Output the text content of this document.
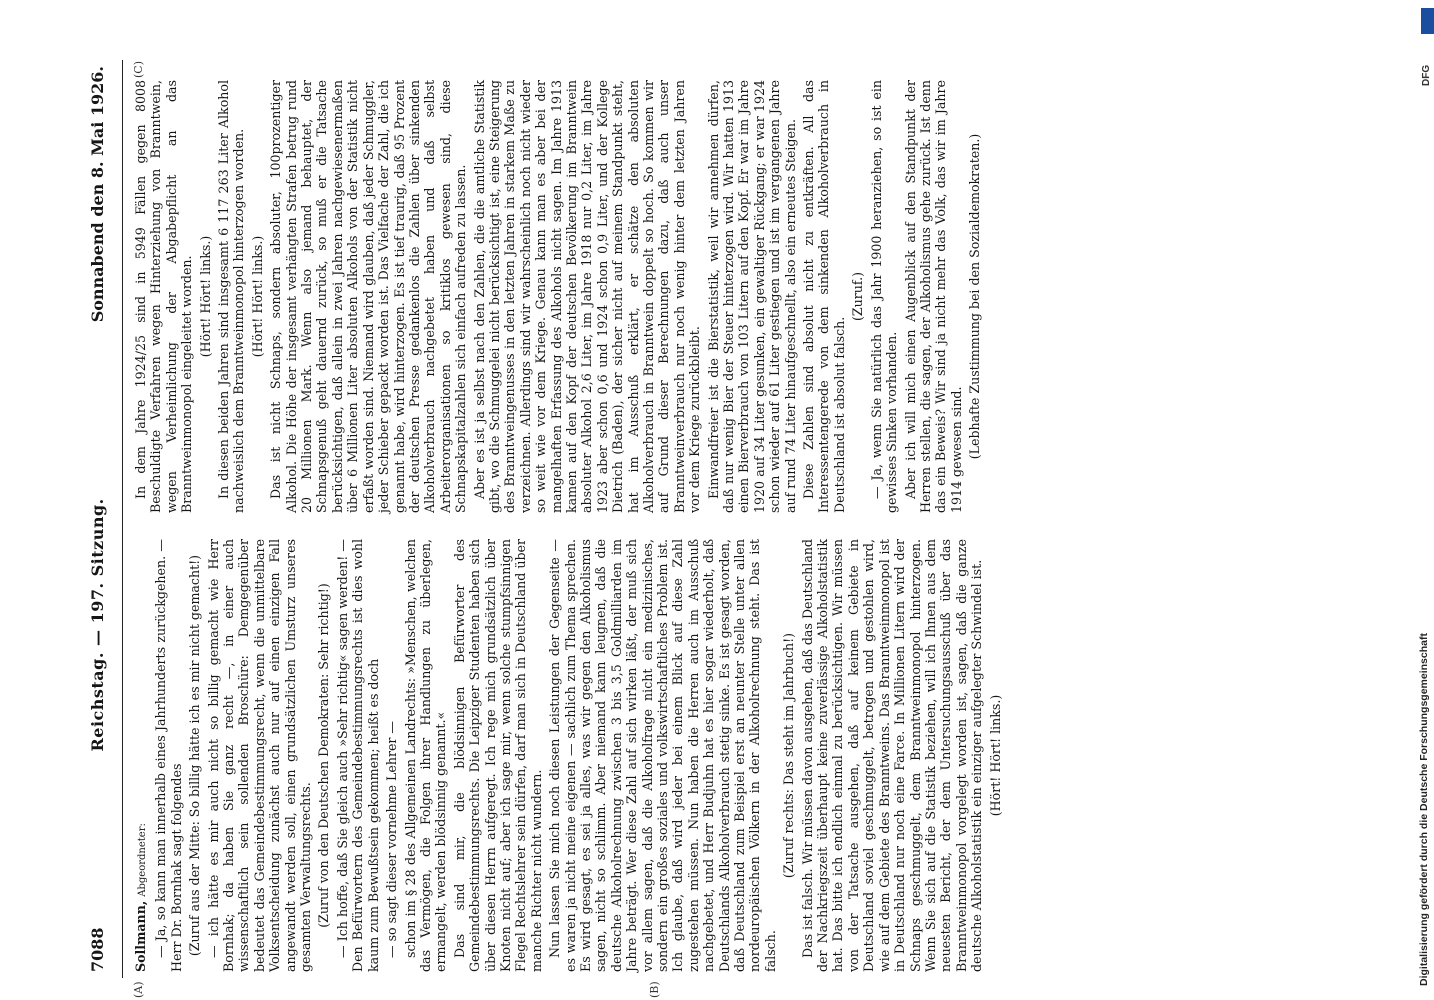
7088
Reichstag. — 197. Sitzung.
Sonnabend den 8. Mai 1926.

Sollmann, Abgeordneter: — Ja, so kann man innerhalb eines Jahrhunderts zurückgehen. — Herr Dr. Bornhak sagt folgendes (Zuruf aus der Mitte: So billig hätte ich es mir nicht gemacht!) — ich hätte es mir auch nicht so billig gemacht wie Herr Bornhak; da haben Sie ganz recht —, in einer auch wissenschaftlich sein sollenden Broschüre: Demgegenüber bedeutet das Gemeindebestimmungsrecht, wenn die unmittelbare Volksentscheidung zunächst auch nur auf einen einzigen Fall angewandt werden soll, einen grundsätzlichen Umsturz unseres gesamten Verwaltungsrechts. (Zuruf von den Deutschen Demokraten: Sehr richtig!) — Ich hoffe, daß Sie gleich auch »Sehr richtig« sagen werden! — Den Befürwortern des Gemeindebestimmungsrechts ist dies wohl kaum zum Bewußtsein gekommen; heißt es doch — so sagt dieser vornehme Lehrer — schon im § 28 des Allgemeinen Landrechts: »Menschen, welchen das Vermögen, die Folgen ihrer Handlungen zu überlegen, ermangelt, werden blödsinnig genannt.« Das sind mir, die blödsinnigen Befürworter des Gemeindebestimmungsrechts. Die Leipziger Studenten haben sich über diesen Herrn aufgeregt. Ich rege mich grundsätzlich über Knoten nicht auf; aber ich sage mir, wenn solche stumpfsinnigen Flegel Rechtslehrer sein dürfen, darf man sich in Deutschland über manche Richter nicht wundern. Nun lassen Sie mich noch diesen Leistungen der Gegenseite — es waren ja nicht meine eigenen — sachlich zum Thema sprechen. Es wird gesagt, es sei ja alles, was wir gegen den Alkoholismus sagen, nicht so schlimm. Aber niemand kann leugnen, daß die deutsche Alkoholrechnung zwischen 3 bis 3,5 Goldmilliarden im Jahre beträgt. Wer diese Zahl auf sich wirken läßt, der muß sich vor allem sagen, daß die Alkoholfrage nicht ein medizinisches, sondern ein großes soziales und volkswirtschaftliches Problem ist. Ich glaube, daß wird jeder bei einem Blick auf diese Zahl zugestehen müssen. Nun haben die Herren auch im Ausschuß nachgebetet, und Herr Budjuhn hat es hier sogar wiederholt, daß Deutschlands Alkoholverbrauch stetig sinke. Es ist gesagt worden, daß Deutschland zum Beispiel erst an neunter Stelle unter allen nordeuropäischen Völkern in der Alkoholrechnung steht. Das ist falsch.

(Zuruf rechts: Das steht im Jahrbuch!) Das ist falsch. Wir müssen davon ausgehen, daß das Deutschland der Nachkriegszeit überhaupt keine zuverlässige Alkoholstatistik hat. Das bitte ich endlich einmal zu berücksichtigen. Wir müssen von der Tatsache ausgehen, daß auf keinem Gebiete in Deutschland soviel geschmuggelt, betrogen und gestohlen wird, wie auf dem Gebiete des Branntweins. Das Branntweinmonopol ist in Deutschland nur noch eine Farce. In Millionen Litern wird der Schnaps geschmuggelt, dem Branntweinmonopol hinterzogen. Wenn Sie sich auf die Statistik beziehen, will ich Ihnen aus dem neuesten Bericht, der dem Untersuchungsausschuß über das Branntweinmonopol vorgelegt worden ist, sagen, daß die ganze deutsche Alkoholstatistik ein einziger aufgelegter Schwindel ist. (Hört! Hört! links.)

In dem Jahre 1924/25 sind in 5949 Fällen gegen 8008 Beschuldigte Verfahren wegen Hinterziehung von Branntwein, wegen Verheimlichung der Abgabepflicht an das Branntweinmonopol eingeleitet worden. (Hört! Hört! links.) In diesen beiden Jahren sind insgesamt 6 117 263 Liter Alkohol nachweislich dem Branntweinmonopol hinterzogen worden. (Hört! Hört! links.) Das ist nicht Schnaps, sondern absoluter, 100prozentiger Alkohol. Die Höhe der insgesamt verhängten Strafen betrug rund 20 Millionen Mark. Wenn also jemand behauptet, der Schnapsgenuß geht dauernd zurück, so muß er die Tatsache berücksichtigen, daß allein in zwei Jahren nachgewiesenermaßen über 6 Millionen Liter absoluten Alkohols von der Statistik nicht erfaßt worden sind. Niemand wird glauben, daß jeder Schmuggler, jeder Schieber gepackt worden ist. Das Vielfache der Zahl, die ich genannt habe, wird hinterzogen. Es ist tief traurig, daß 95 Prozent der deutschen Presse gedankenlos die Zahlen über sinkenden Alkoholverbrauch nachgebetet haben und daß selbst Arbeiterorganisationen so kritiklos gewesen sind, diese Schnapskapitalzahlen sich einfach aufreden zu lassen. Aber es ist ja selbst nach den Zahlen, die die amtliche Statistik gibt, wo die Schmuggelei nicht berücksichtigt ist, eine Steigerung des Branntweingenusses in den letzten Jahren in starkem Maße zu verzeichnen. Allerdings sind wir wahrscheinlich noch nicht wieder so weit wie vor dem Kriege. Genau kann man es aber bei der mangelhaften Erfassung des Alkohols nicht sagen. Im Jahre 1913 kamen auf den Kopf der deutschen Bevölkerung im Branntwein absoluter Alkohol 2,6 Liter, im Jahre 1918 nur 0,2 Liter, im Jahre 1923 aber schon 0,6 und 1924 schon 0,9 Liter, und der Kollege Dietrich (Baden), der sicher nicht auf meinem Standpunkt steht, hat im Ausschuß erklärt, er schätze den absoluten Alkoholverbrauch in Branntwein doppelt so hoch. So kommen wir auf Grund dieser Berechnungen dazu, daß auch unser Branntweinverbrauch nur noch wenig hinter dem letzten Jahren vor dem Kriege zurückbleibt. Einwandfreier ist die Bierstatistik, weil wir annehmen dürfen, daß nur wenig Bier der Steuer hinterzogen wird. Wir hatten 1913 einen Bierverbrauch von 103 Litern auf den Kopf. Er war im Jahre 1920 auf 34 Liter gesunken, ein gewaltiger Rückgang; er war 1924 schon wieder auf 61 Liter gestiegen und ist im vergangenen Jahre auf rund 74 Liter hinaufgeschnellt, also ein erneutes Steigen. Diese Zahlen sind absolut nicht zu entkräften. All das Interessentengerede von dem sinkenden Alkoholverbrauch in Deutschland ist absolut falsch.

(Zuruf.) — Ja, wenn Sie natürlich das Jahr 1900 heranziehen, so ist ein gewisses Sinken vorhanden. Aber ich will mich einen Augenblick auf den Standpunkt der Herren stellen, die sagen, der Alkoholismus gehe zurück. Ist denn das ein Beweis? Wir sind ja nicht mehr das Volk, das wir im Jahre 1914 gewesen sind. (Lebhafte Zustimmung bei den Sozialdemokraten.)

(A)	(B)
(C)	DFG
Digitalisierung gefördert durch die Deutsche Forschungsgemeinschaft
